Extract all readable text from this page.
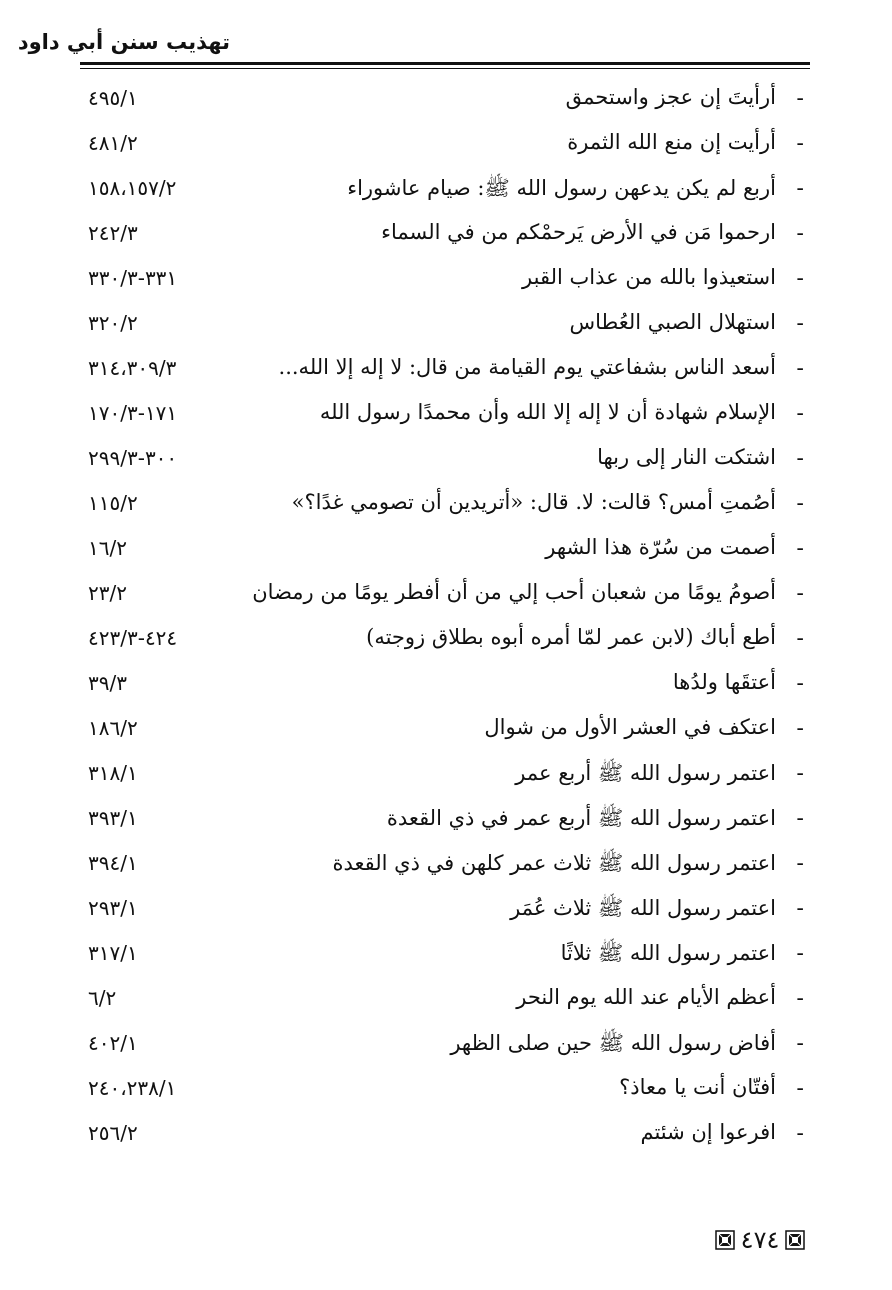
تهذيب سنن أبي داود
-
أرأيتَ إن عجز واستحمق
٤٩٥/١
-
أرأيت إن منع الله الثمرة
٤٨١/٢
-
أربع لم يكن يدعهن رسول الله ﷺ: صيام عاشوراء
١٥٨،١٥٧/٢
-
ارحموا مَن في الأرض يَرحمْكم من في السماء
٢٤٢/٣
-
استعيذوا بالله من عذاب القبر
٣٣١-٣٣٠/٣
-
استهلال الصبي العُطاس
٣٢٠/٢
-
أسعد الناس بشفاعتي يوم القيامة من قال: لا إله إلا الله...
٣١٤،٣٠٩/٣
-
الإسلام شهادة أن لا إله إلا الله وأن محمدًا رسول الله
١٧١-١٧٠/٣
-
اشتكت النار إلى ربها
٣٠٠-٢٩٩/٣
-
أصُمتِ أمس؟ قالت: لا. قال: «أتريدين أن تصومي غدًا؟»
١١٥/٢
-
أصمت من سُرّة هذا الشهر
١٦/٢
-
أصومُ يومًا من شعبان أحب إلي من أن أفطر يومًا من رمضان
٢٣/٢
-
أطع أباك (لابن عمر لمّا أمره أبوه بطلاق زوجته)
٤٢٤-٤٢٣/٣
-
أعتقَها ولدُها
٣٩/٣
-
اعتكف في العشر الأول من شوال
١٨٦/٢
-
اعتمر رسول الله ﷺ أربع عمر
٣١٨/١
-
اعتمر رسول الله ﷺ أربع عمر في ذي القعدة
٣٩٣/١
-
اعتمر رسول الله ﷺ ثلاث عمر كلهن في ذي القعدة
٣٩٤/١
-
اعتمر رسول الله ﷺ ثلاث عُمَر
٢٩٣/١
-
اعتمر رسول الله ﷺ ثلاثًا
٣١٧/١
-
أعظم الأيام عند الله يوم النحر
٦/٢
-
أفاض رسول الله ﷺ حين صلى الظهر
٤٠٢/١
-
أفتّان أنت يا معاذ؟
٢٤٠،٢٣٨/١
-
افرعوا إن شئتم
٢٥٦/٢
٤٧٤
